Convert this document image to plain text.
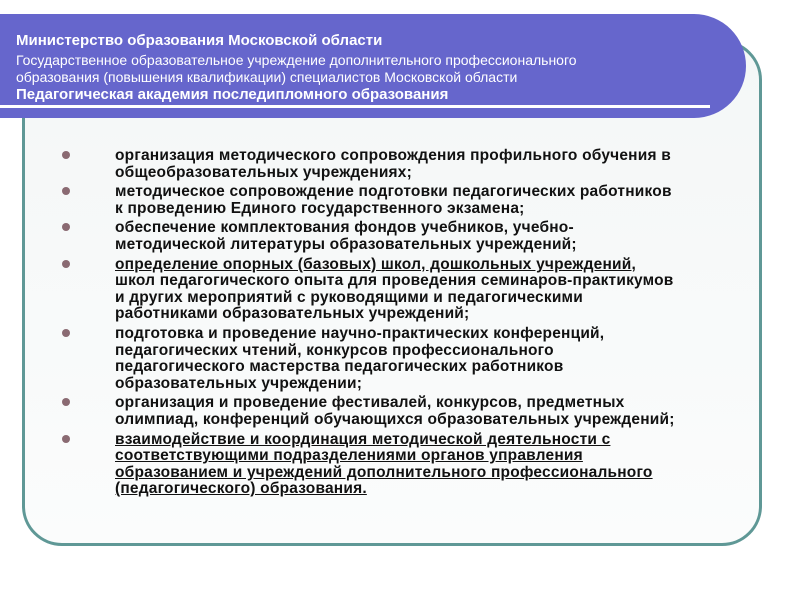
Министерство образования Московской области
Государственное образовательное учреждение дополнительного профессионального
образования (повышения квалификации) специалистов Московской области
Педагогическая академия последипломного образования
организация методического сопровождения профильного обучения в
общеобразовательных учреждениях;
методическое сопровождение подготовки педагогических работников
к проведению Единого государственного экзамена;
обеспечение комплектования фондов учебников, учебно-
методической литературы образовательных учреждений;
определение опорных (базовых) школ, дошкольных учреждений,
школ педагогического опыта для проведения семинаров-практикумов
и других мероприятий с руководящими и педагогическими
работниками образовательных учреждений;
подготовка и проведение научно-практических конференций,
педагогических чтений, конкурсов профессионального
педагогического мастерства педагогических работников
образовательных учреждении;
организация и проведение фестивалей, конкурсов, предметных
олимпиад, конференций обучающихся образовательных учреждений;
взаимодействие и координация методической деятельности с
соответствующими подразделениями органов управления
образованием и учреждений дополнительного профессионального
(педагогического) образования.
